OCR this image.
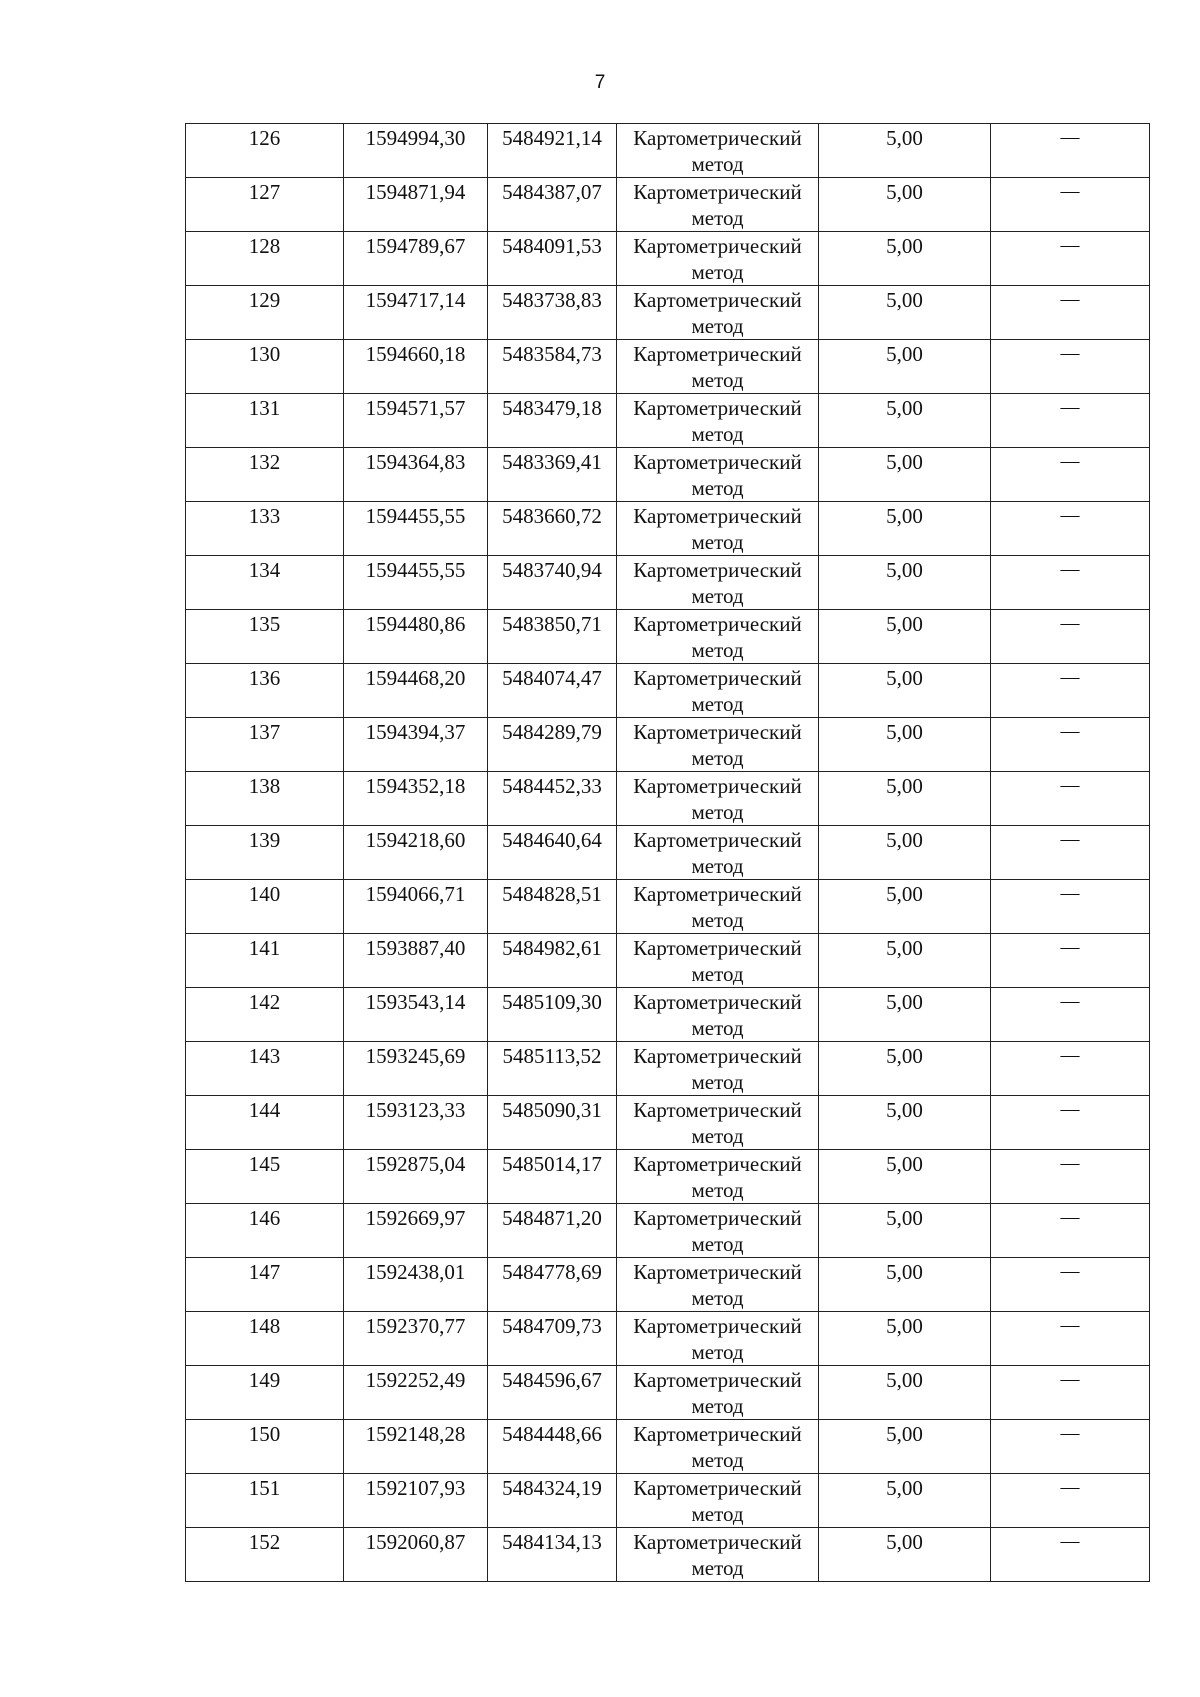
7
126	1594994,30	5484921,14	Картометрический метод	5,00	—

127	1594871,94	5484387,07	Картометрический метод	5,00	—

128	1594789,67	5484091,53	Картометрический метод	5,00	—

129	1594717,14	5483738,83	Картометрический метод	5,00	—

130	1594660,18	5483584,73	Картометрический метод	5,00	—

131	1594571,57	5483479,18	Картометрический метод	5,00	—

132	1594364,83	5483369,41	Картометрический метод	5,00	—

133	1594455,55	5483660,72	Картометрический метод	5,00	—

134	1594455,55	5483740,94	Картометрический метод	5,00	—

135	1594480,86	5483850,71	Картометрический метод	5,00	—

136	1594468,20	5484074,47	Картометрический метод	5,00	—

137	1594394,37	5484289,79	Картометрический метод	5,00	—

138	1594352,18	5484452,33	Картометрический метод	5,00	—

139	1594218,60	5484640,64	Картометрический метод	5,00	—

140	1594066,71	5484828,51	Картометрический метод	5,00	—

141	1593887,40	5484982,61	Картометрический метод	5,00	—

142	1593543,14	5485109,30	Картометрический метод	5,00	—

143	1593245,69	5485113,52	Картометрический метод	5,00	—

144	1593123,33	5485090,31	Картометрический метод	5,00	—

145	1592875,04	5485014,17	Картометрический метод	5,00	—

146	1592669,97	5484871,20	Картометрический метод	5,00	—

147	1592438,01	5484778,69	Картометрический метод	5,00	—

148	1592370,77	5484709,73	Картометрический метод	5,00	—

149	1592252,49	5484596,67	Картометрический метод	5,00	—

150	1592148,28	5484448,66	Картометрический метод	5,00	—

151	1592107,93	5484324,19	Картометрический метод	5,00	—

152	1592060,87	5484134,13	Картометрический метод	5,00	—
